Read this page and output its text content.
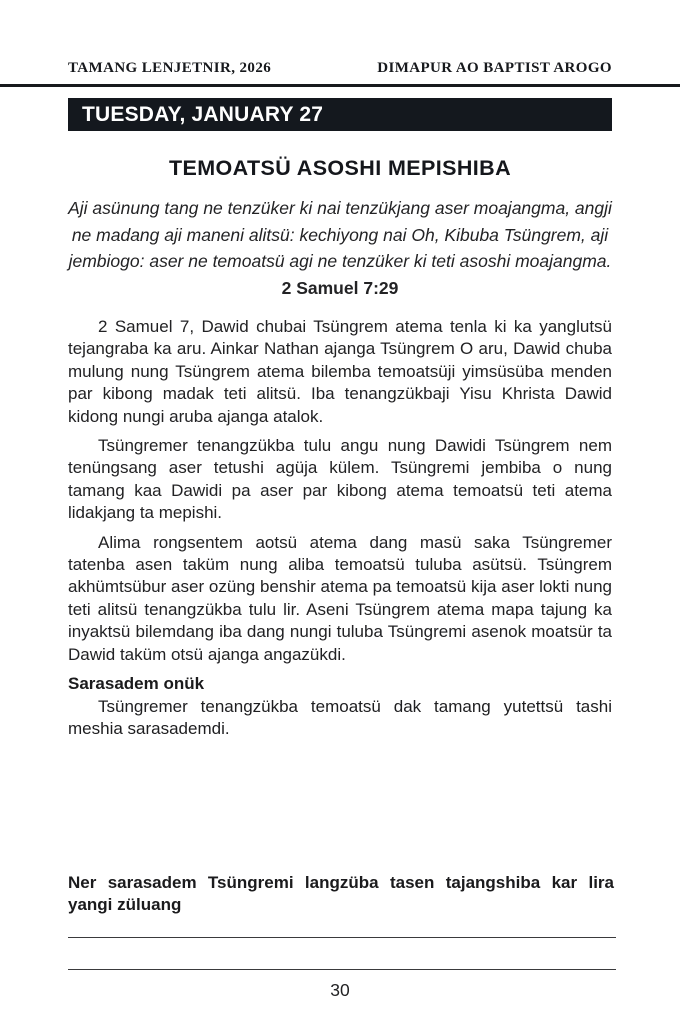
TAMANG LENJETNIR, 2026	DIMAPUR AO BAPTIST AROGO
TUESDAY, JANUARY 27
TEMOATSÜ ASOSHI MEPISHIBA
Aji asünung tang ne tenzüker ki nai tenzükjang aser moajangma, angji ne madang aji maneni alitsü: kechiyong nai Oh, Kibuba Tsüngrem, aji jembiogo: aser ne temoatsü agi ne tenzüker ki teti asoshi moajangma. 2 Samuel 7:29

2 Samuel 7, Dawid chubai Tsüngrem atema tenla ki ka yanglutsü tejangraba ka aru. Ainkar Nathan ajanga Tsüngrem O aru, Dawid chuba mulung nung Tsüngrem atema bilemba temoatsüji yimsüsüba menden par kibong madak teti alitsü. Iba tenangzükbaji Yisu Khrista Dawid kidong nungi aruba ajanga atalok.

Tsüngremer tenangzükba tulu angu nung Dawidi Tsüngrem nem tenüngsang aser tetushi agüja külem. Tsüngremi jembiba o nung tamang kaa Dawidi pa aser par kibong atema temoatsü teti atema lidakjang ta mepishi.

Alima rongsentem aotsü atema dang masü saka Tsüngremer tatenba asen taküm nung aliba temoatsü tuluba asütsü. Tsüngrem akhümtsübur aser ozüng benshir atema pa temoatsü kija aser lokti nung teti alitsü tenangzükba tulu lir. Aseni Tsüngrem atema mapa tajung ka inyaktsü bilemdang iba dang nungi tuluba Tsüngremi asenok moatsür ta Dawid taküm otsü ajanga angazükdi.

Sarasadem onük

Tsüngremer tenangzükba temoatsü dak tamang yutettsü tashi meshia sarasademdi.

Ner sarasadem Tsüngremi langzüba tasen tajangshiba kar lira yangi züluang
30
